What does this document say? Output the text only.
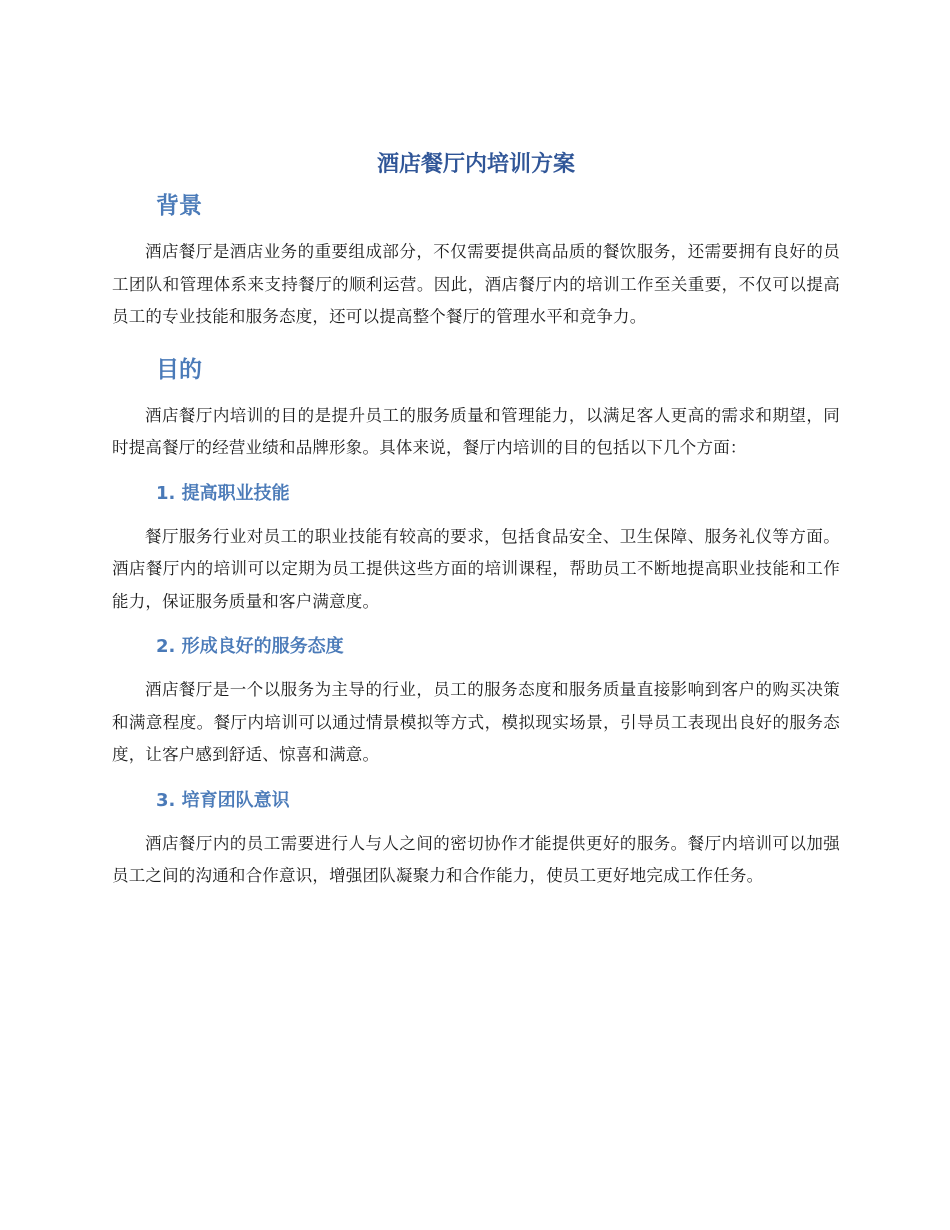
酒店餐厅内培训方案
背景

酒店餐厅是酒店业务的重要组成部分，不仅需要提供高品质的餐饮服务，还需要拥有良好的员工团队和管理体系来支持餐厅的顺利运营。因此，酒店餐厅内的培训工作至关重要，不仅可以提高员工的专业技能和服务态度，还可以提高整个餐厅的管理水平和竞争力。

目的

酒店餐厅内培训的目的是提升员工的服务质量和管理能力，以满足客人更高的需求和期望，同时提高餐厅的经营业绩和品牌形象。具体来说，餐厅内培训的目的包括以下几个方面：

1. 提高职业技能

餐厅服务行业对员工的职业技能有较高的要求，包括食品安全、卫生保障、服务礼仪等方面。酒店餐厅内的培训可以定期为员工提供这些方面的培训课程，帮助员工不断地提高职业技能和工作能力，保证服务质量和客户满意度。

2. 形成良好的服务态度

酒店餐厅是一个以服务为主导的行业，员工的服务态度和服务质量直接影响到客户的购买决策和满意程度。餐厅内培训可以通过情景模拟等方式，模拟现实场景，引导员工表现出良好的服务态度，让客户感到舒适、惊喜和满意。

3. 培育团队意识

酒店餐厅内的员工需要进行人与人之间的密切协作才能提供更好的服务。餐厅内培训可以加强员工之间的沟通和合作意识，增强团队凝聚力和合作能力，使员工更好地完成工作任务。
